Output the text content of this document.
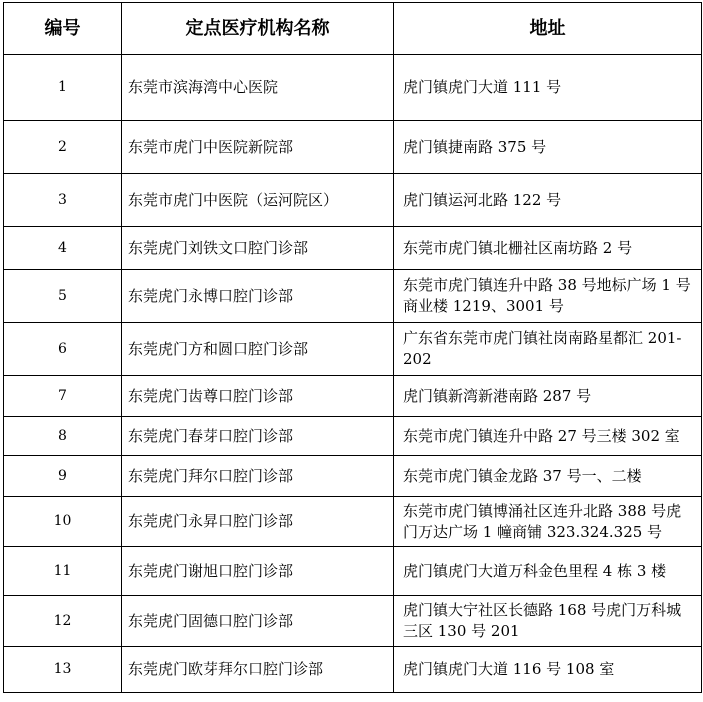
编号	定点医疗机构名称	地址
1	东莞市滨海湾中心医院	虎门镇虎门大道 111 号
2	东莞市虎门中医院新院部	虎门镇捷南路 375 号
3	东莞市虎门中医院（运河院区）	虎门镇运河北路 122 号
4	东莞虎门刘铁文口腔门诊部	东莞市虎门镇北栅社区南坊路 2 号
5	东莞虎门永博口腔门诊部	东莞市虎门镇连升中路 38 号地标广场 1 号商业楼 1219、3001 号
6	东莞虎门方和圆口腔门诊部	广东省东莞市虎门镇社岗南路星都汇 201-202
7	东莞虎门齿尊口腔门诊部	虎门镇新湾新港南路 287 号
8	东莞虎门春芽口腔门诊部	东莞市虎门镇连升中路 27 号三楼 302 室
9	东莞虎门拜尔口腔门诊部	东莞市虎门镇金龙路 37 号一、二楼
10	东莞虎门永昇口腔门诊部	东莞市虎门镇博涌社区连升北路 388 号虎门万达广场 1 幢商铺 323.324.325 号
11	东莞虎门谢旭口腔门诊部	虎门镇虎门大道万科金色里程 4 栋 3 楼
12	东莞虎门固德口腔门诊部	虎门镇大宁社区长德路 168 号虎门万科城三区 130 号 201
13	东莞虎门欧芽拜尔口腔门诊部	虎门镇虎门大道 116 号 108 室
